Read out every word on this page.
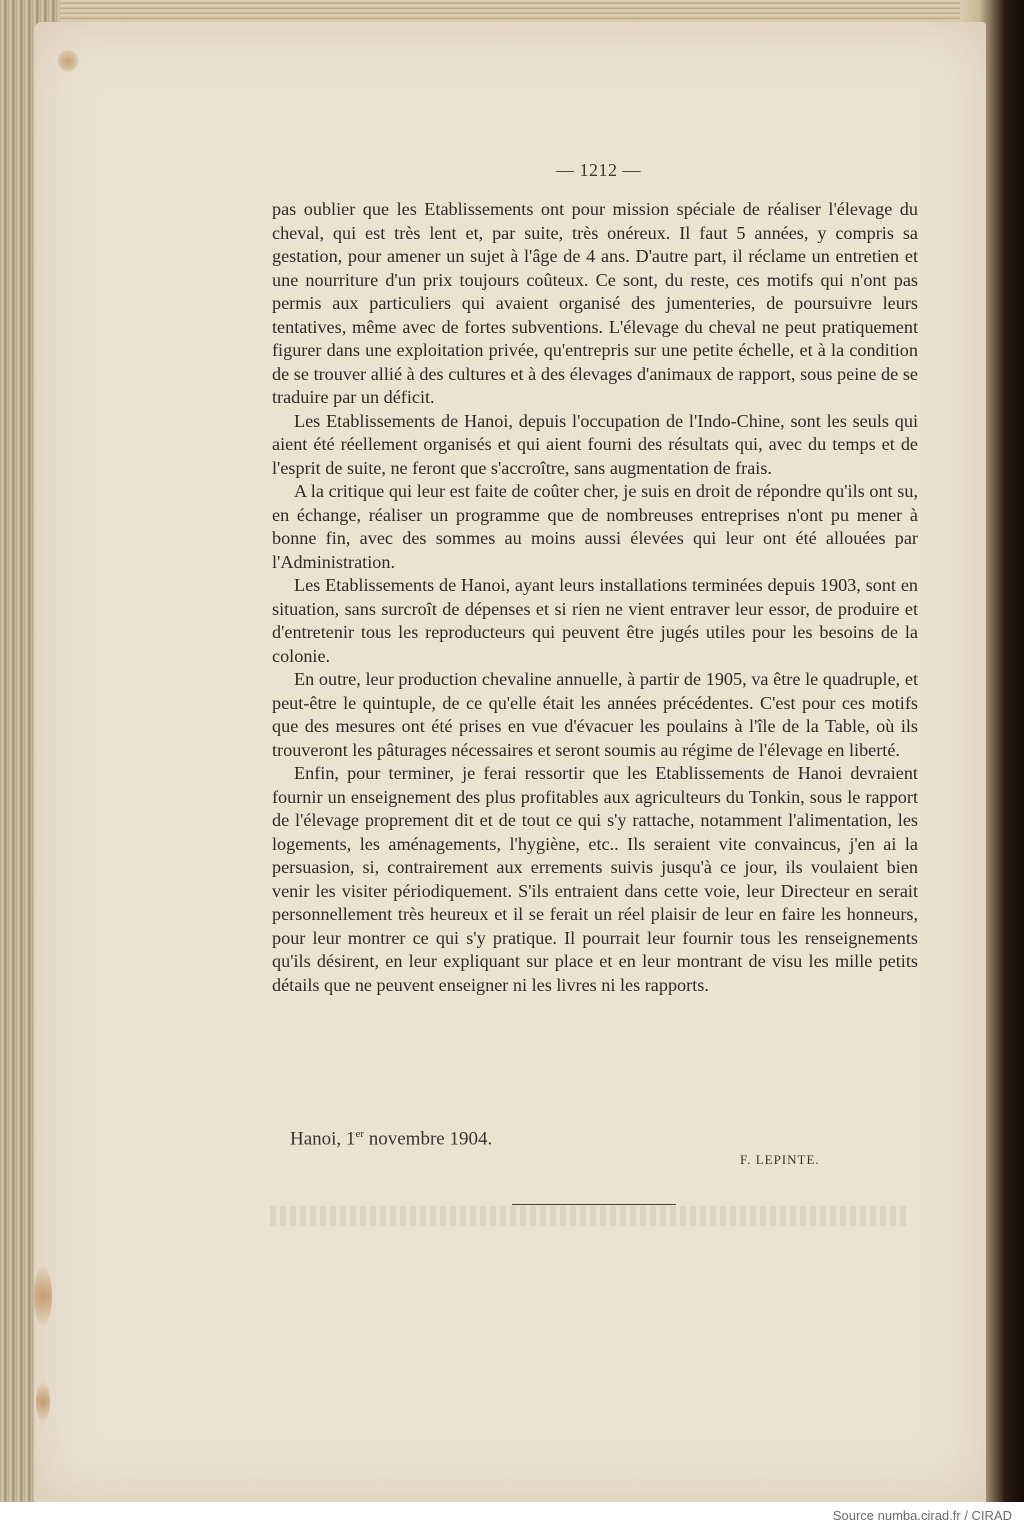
— 1212 —

pas oublier que les Etablissements ont pour mission spéciale de réaliser l'élevage du cheval, qui est très lent et, par suite, très onéreux. Il faut 5 années, y compris sa gestation, pour amener un sujet à l'âge de 4 ans. D'autre part, il réclame un entretien et une nourriture d'un prix toujours coûteux. Ce sont, du reste, ces motifs qui n'ont pas permis aux particuliers qui avaient organisé des jumenteries, de poursuivre leurs tentatives, même avec de fortes subventions. L'élevage du cheval ne peut pratiquement figurer dans une exploitation privée, qu'entrepris sur une petite échelle, et à la condition de se trouver allié à des cultures et à des élevages d'animaux de rapport, sous peine de se traduire par un déficit.

Les Etablissements de Hanoi, depuis l'occupation de l'Indo-Chine, sont les seuls qui aient été réellement organisés et qui aient fourni des résultats qui, avec du temps et de l'esprit de suite, ne feront que s'accroître, sans augmentation de frais.

A la critique qui leur est faite de coûter cher, je suis en droit de répondre qu'ils ont su, en échange, réaliser un programme que de nombreuses entreprises n'ont pu mener à bonne fin, avec des sommes au moins aussi élevées qui leur ont été allouées par l'Administration.

Les Etablissements de Hanoi, ayant leurs installations terminées depuis 1903, sont en situation, sans surcroît de dépenses et si rien ne vient entraver leur essor, de produire et d'entretenir tous les reproducteurs qui peuvent être jugés utiles pour les besoins de la colonie.

En outre, leur production chevaline annuelle, à partir de 1905, va être le quadruple, et peut-être le quintuple, de ce qu'elle était les années précédentes. C'est pour ces motifs que des mesures ont été prises en vue d'évacuer les poulains à l'île de la Table, où ils trouveront les pâturages nécessaires et seront soumis au régime de l'élevage en liberté.

Enfin, pour terminer, je ferai ressortir que les Etablissements de Hanoi devraient fournir un enseignement des plus profitables aux agriculteurs du Tonkin, sous le rapport de l'élevage proprement dit et de tout ce qui s'y rattache, notamment l'alimentation, les logements, les aménagements, l'hygiène, etc.. Ils seraient vite convaincus, j'en ai la persuasion, si, contrairement aux errements suivis jusqu'à ce jour, ils voulaient bien venir les visiter périodiquement. S'ils entraient dans cette voie, leur Directeur en serait personnellement très heureux et il se ferait un réel plaisir de leur en faire les honneurs, pour leur montrer ce qui s'y pratique. Il pourrait leur fournir tous les renseignements qu'ils désirent, en leur expliquant sur place et en leur montrant de visu les mille petits détails que ne peuvent enseigner ni les livres ni les rapports.

Hanoi, 1er novembre 1904.
F. LEPINTE.
Source numba.cirad.fr / CIRAD
